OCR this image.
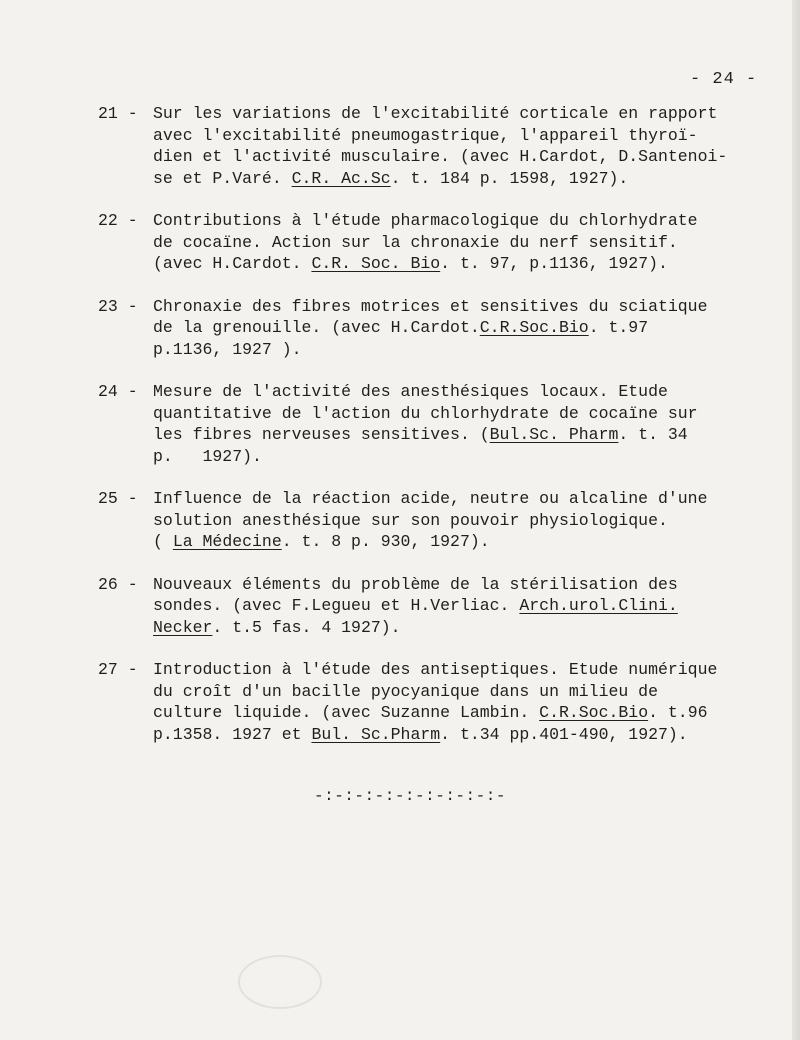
- 24 -
21 - Sur les variations de l'excitabilité corticale en rapport
avec l'excitabilité pneumogastrique, l'appareil thyroï-
dien et l'activité musculaire. (avec H.Cardot, D.Santenoi-
se et P.Varé. C.R. Ac.Sc. t. 184 p. 1598, 1927).
22 - Contributions à l'étude pharmacologique du chlorhydrate
de cocaïne. Action sur la chronaxie du nerf sensitif.
(avec H.Cardot. C.R. Soc. Bio. t. 97, p.1136, 1927).
23 - Chronaxie des fibres motrices et sensitives du sciatique
de la grenouille. (avec H.Cardot.C.R.Soc.Bio. t.97
p.1136, 1927 ).
24 - Mesure de l'activité des anesthésiques locaux. Etude
quantitative de l'action du chlorhydrate de cocaïne sur
les fibres nerveuses sensitives. (Bul.Sc. Pharm. t. 34
p.   1927).
25 - Influence de la réaction acide, neutre ou alcaline d'une
solution anesthésique sur son pouvoir physiologique.
( La Médecine. t. 8 p. 930, 1927).
26 - Nouveaux éléments du problème de la stérilisation des
sondes. (avec F.Legueu et H.Verliac. Arch.urol.Clini.
Necker. t.5 fas. 4 1927).
27 - Introduction à l'étude des antiseptiques. Etude numérique
du croît d'un bacille pyocyanique dans un milieu de
culture liquide. (avec Suzanne Lambin. C.R.Soc.Bio. t.96
p.1358. 1927 et Bul. Sc.Pharm. t.34 pp.401-490, 1927).
-:-:-:-:-:-:-:-:-:-
